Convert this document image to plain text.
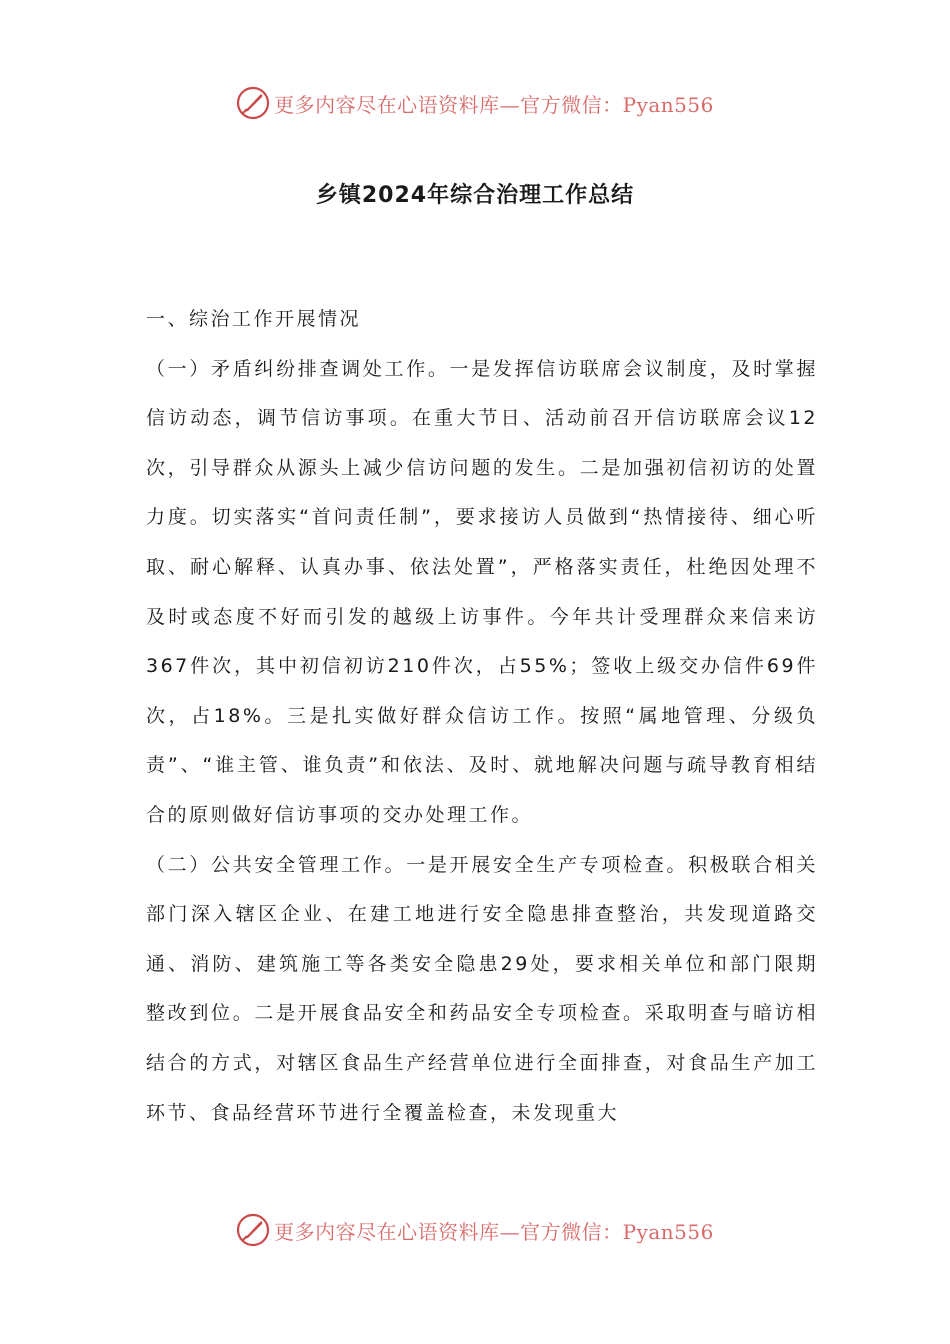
更多内容尽在心语资料库—官方微信：Pyan556
乡镇2024年综合治理工作总结

一、综治工作开展情况

（一）矛盾纠纷排查调处工作。一是发挥信访联席会议制度，及时掌握信访动态，调节信访事项。在重大节日、活动前召开信访联席会议12次，引导群众从源头上减少信访问题的发生。二是加强初信初访的处置力度。切实落实“首问责任制”，要求接访人员做到“热情接待、细心听取、耐心解释、认真办事、依法处置”，严格落实责任，杜绝因处理不及时或态度不好而引发的越级上访事件。今年共计受理群众来信来访367件次，其中初信初访210件次，占55%；签收上级交办信件69件次，占18%。三是扎实做好群众信访工作。按照“属地管理、分级负责”、“谁主管、谁负责”和依法、及时、就地解决问题与疏导教育相结合的原则做好信访事项的交办处理工作。

（二）公共安全管理工作。一是开展安全生产专项检查。积极联合相关部门深入辖区企业、在建工地进行安全隐患排查整治，共发现道路交通、消防、建筑施工等各类安全隐患29处，要求相关单位和部门限期整改到位。二是开展食品安全和药品安全专项检查。采取明查与暗访相结合的方式，对辖区食品生产经营单位进行全面排查，对食品生产加工环节、食品经营环节进行全覆盖检查，未发现重大

更多内容尽在心语资料库—官方微信：Pyan556
